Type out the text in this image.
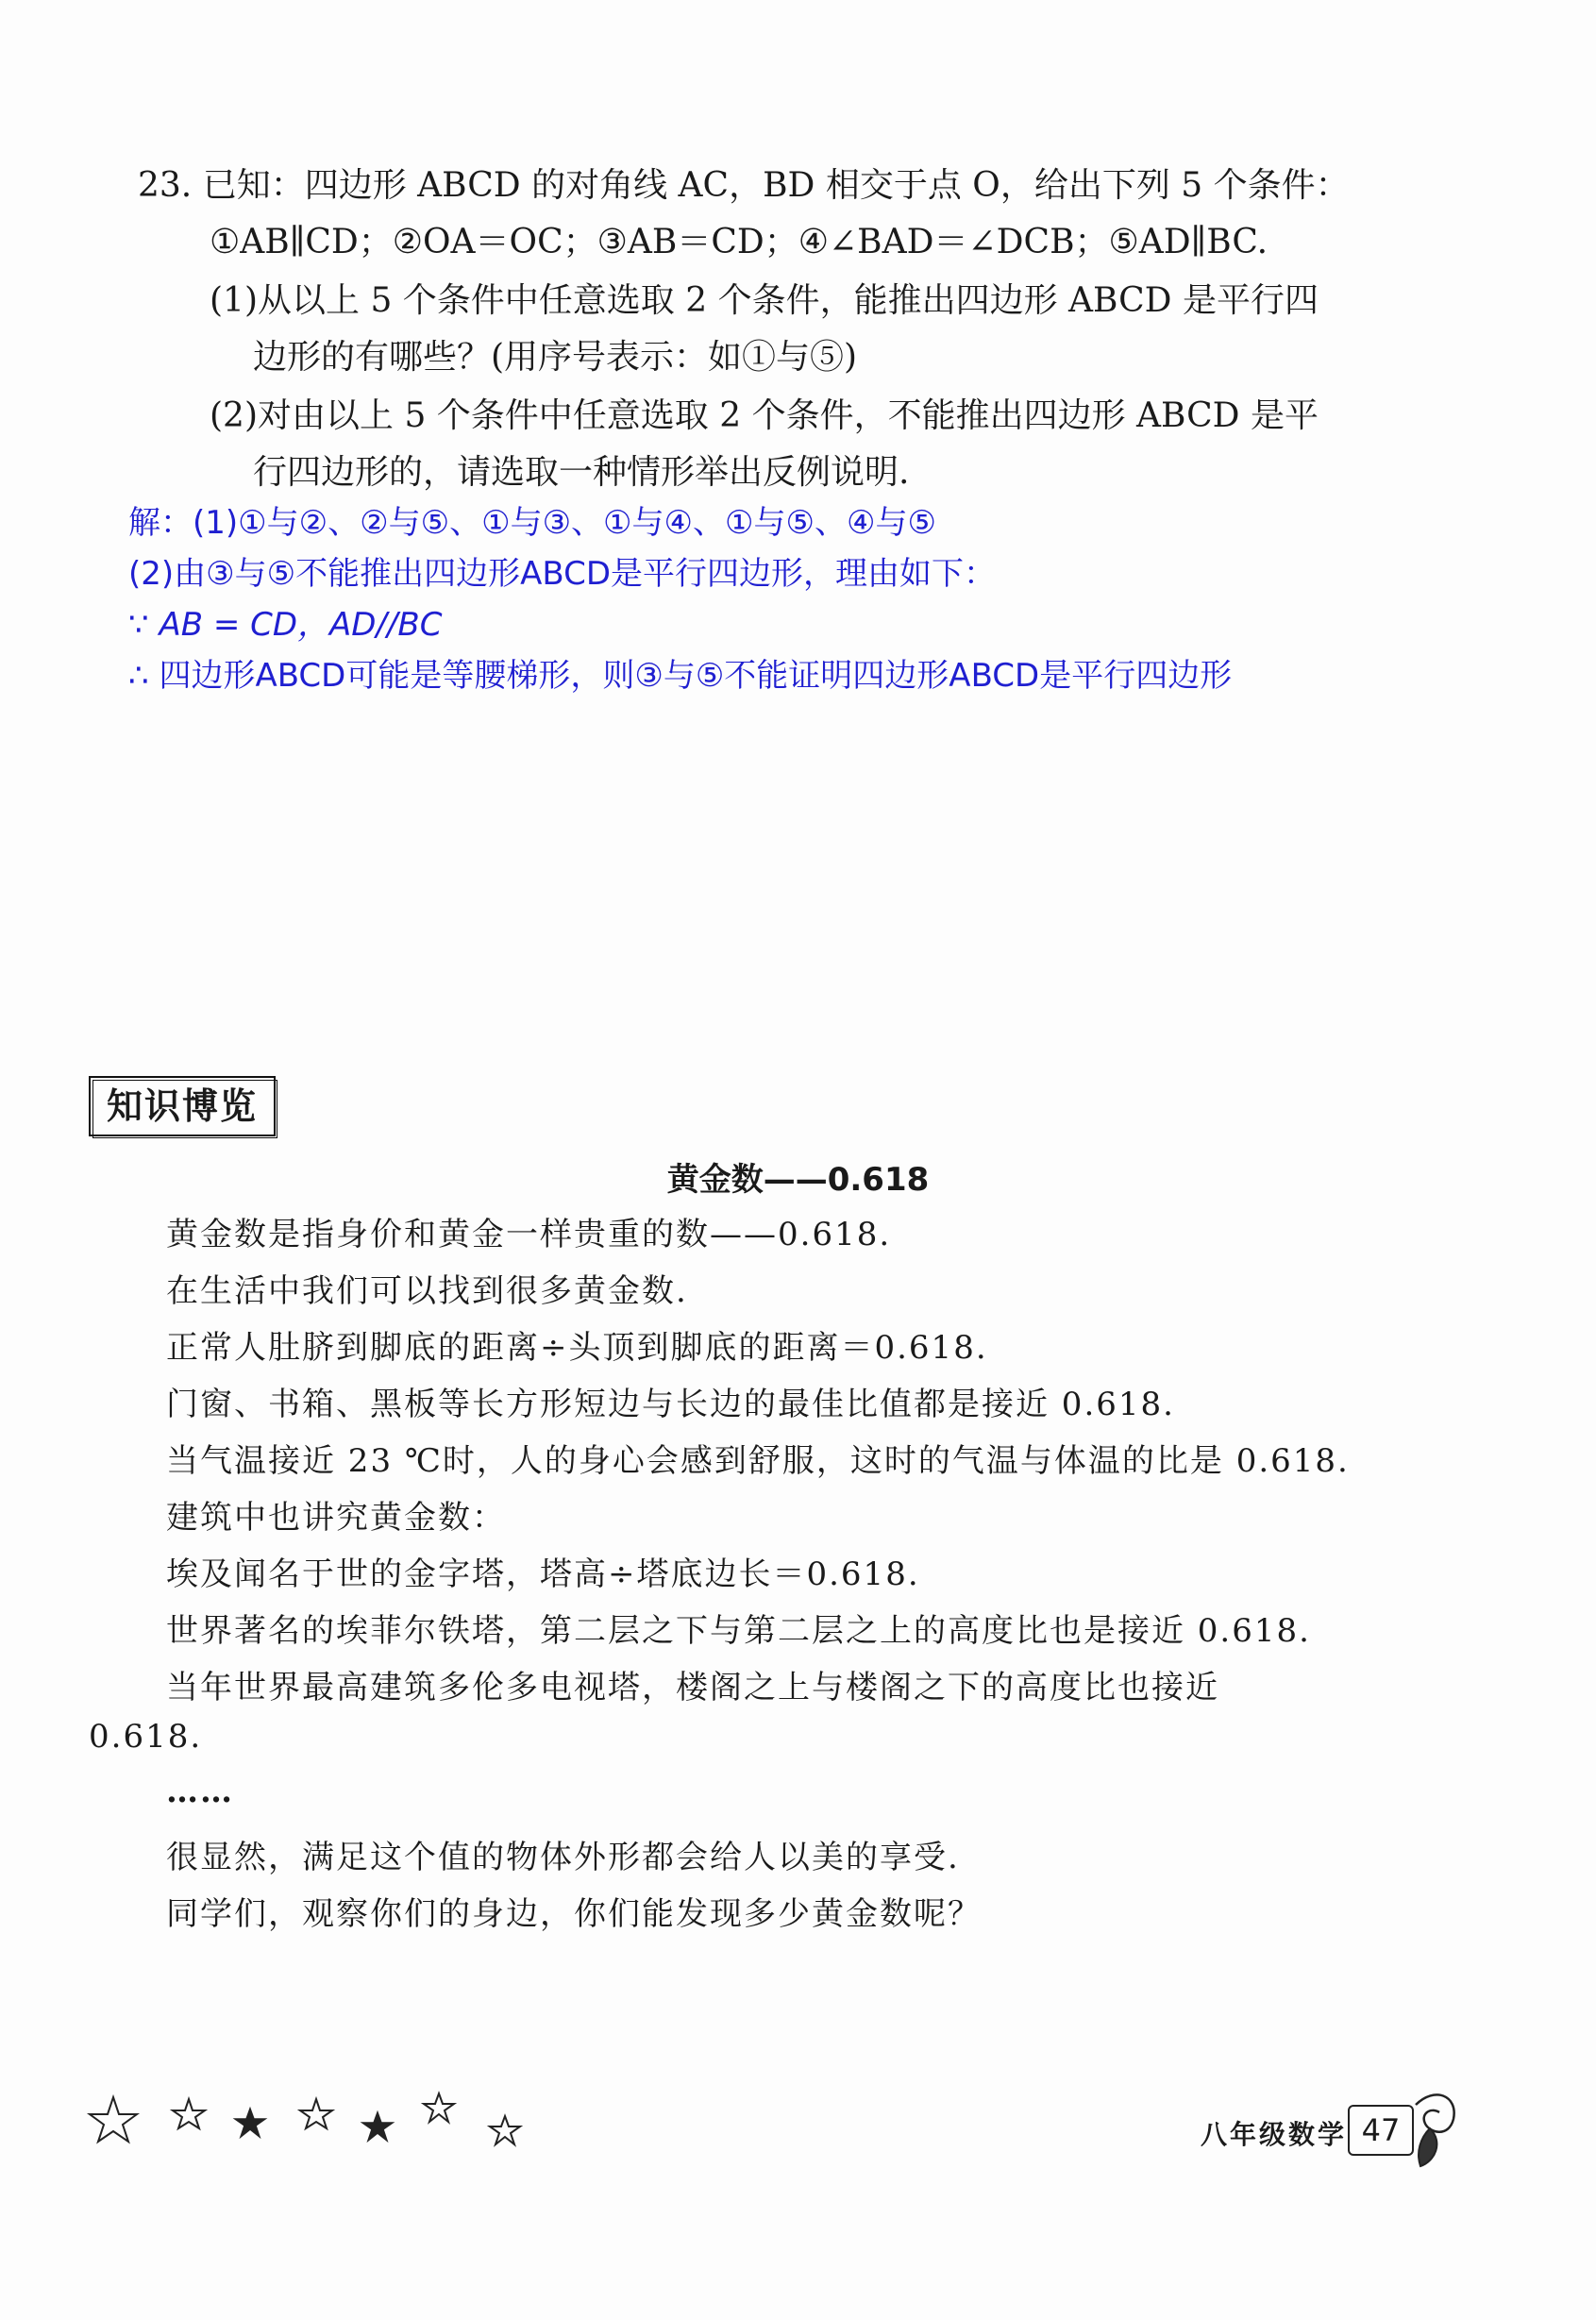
23. 已知：四边形 ABCD 的对角线 AC，BD 相交于点 O，给出下列 5 个条件：
①AB∥CD；②OA＝OC；③AB＝CD；④∠BAD＝∠DCB；⑤AD∥BC.
(1)从以上 5 个条件中任意选取 2 个条件，能推出四边形 ABCD 是平行四
边形的有哪些？(用序号表示：如①与⑤)
(2)对由以上 5 个条件中任意选取 2 个条件，不能推出四边形 ABCD 是平
行四边形的，请选取一种情形举出反例说明.
解：(1)①与②、②与⑤、①与③、①与④、①与⑤、④与⑤
(2)由③与⑤不能推出四边形ABCD是平行四边形，理由如下：
∵ AB = CD，AD//BC
∴ 四边形ABCD可能是等腰梯形，则③与⑤不能证明四边形ABCD是平行四边形
知识博览
黄金数——0.618
黄金数是指身价和黄金一样贵重的数——0.618.
在生活中我们可以找到很多黄金数.
正常人肚脐到脚底的距离÷头顶到脚底的距离＝0.618.
门窗、书箱、黑板等长方形短边与长边的最佳比值都是接近 0.618.
当气温接近 23 ℃时，人的身心会感到舒服，这时的气温与体温的比是 0.618.
建筑中也讲究黄金数：
埃及闻名于世的金字塔，塔高÷塔底边长＝0.618.
世界著名的埃菲尔铁塔，第二层之下与第二层之上的高度比也是接近 0.618.
当年世界最高建筑多伦多电视塔，楼阁之上与楼阁之下的高度比也接近
0.618.
……
很显然，满足这个值的物体外形都会给人以美的享受.
同学们，观察你们的身边，你们能发现多少黄金数呢？
八年级数学 47
